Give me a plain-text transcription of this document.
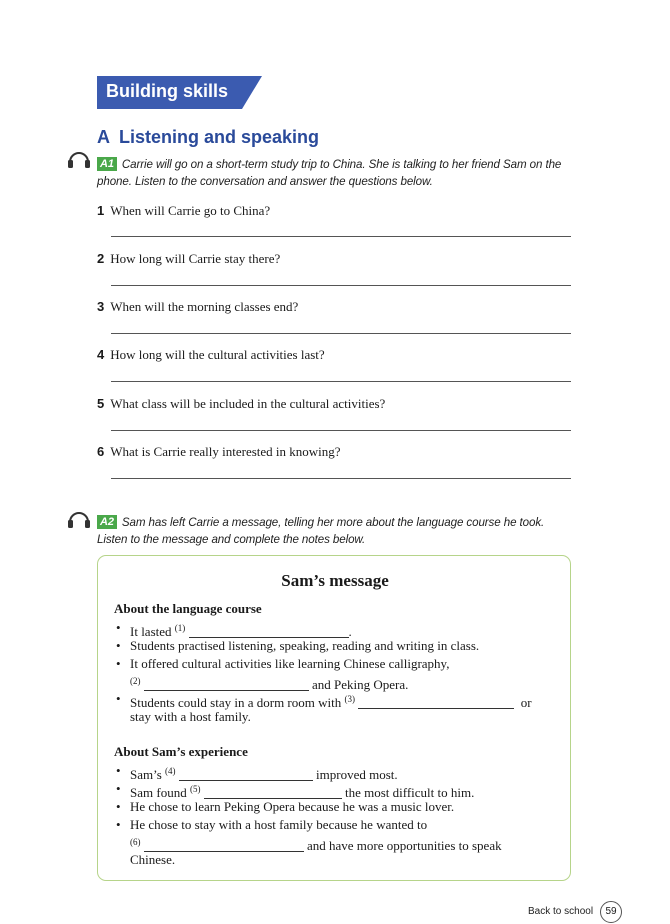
Building skills
A Listening and speaking
A1 Carrie will go on a short-term study trip to China. She is talking to her friend Sam on the
phone. Listen to the conversation and answer the questions below.
1 When will Carrie go to China?
2 How long will Carrie stay there?
3 When will the morning classes end?
4 How long will the cultural activities last?
5 What class will be included in the cultural activities?
6 What is Carrie really interested in knowing?
A2 Sam has left Carrie a message, telling her more about the language course he took.
Listen to the message and complete the notes below.
Sam’s message
About the language course
• It lasted $^{(1)}$	.
• Students practised listening, speaking, reading and writing in class.
• It offered cultural activities like learning Chinese calligraphy,
$^{(2)}$	and Peking Opera.
• Students could stay in a dorm room with $^{(3)}$	or
stay with a host family.
About Sam’s experience
• Sam’s $^{(4)}$	improved most.
• Sam found $^{(5)}$	the most difficult to him.
• He chose to learn Peking Opera because he was a music lover.
• He chose to stay with a host family because he wanted to
$^{(6)}$	and have more opportunities to speak
Chinese.
Back to school	59
